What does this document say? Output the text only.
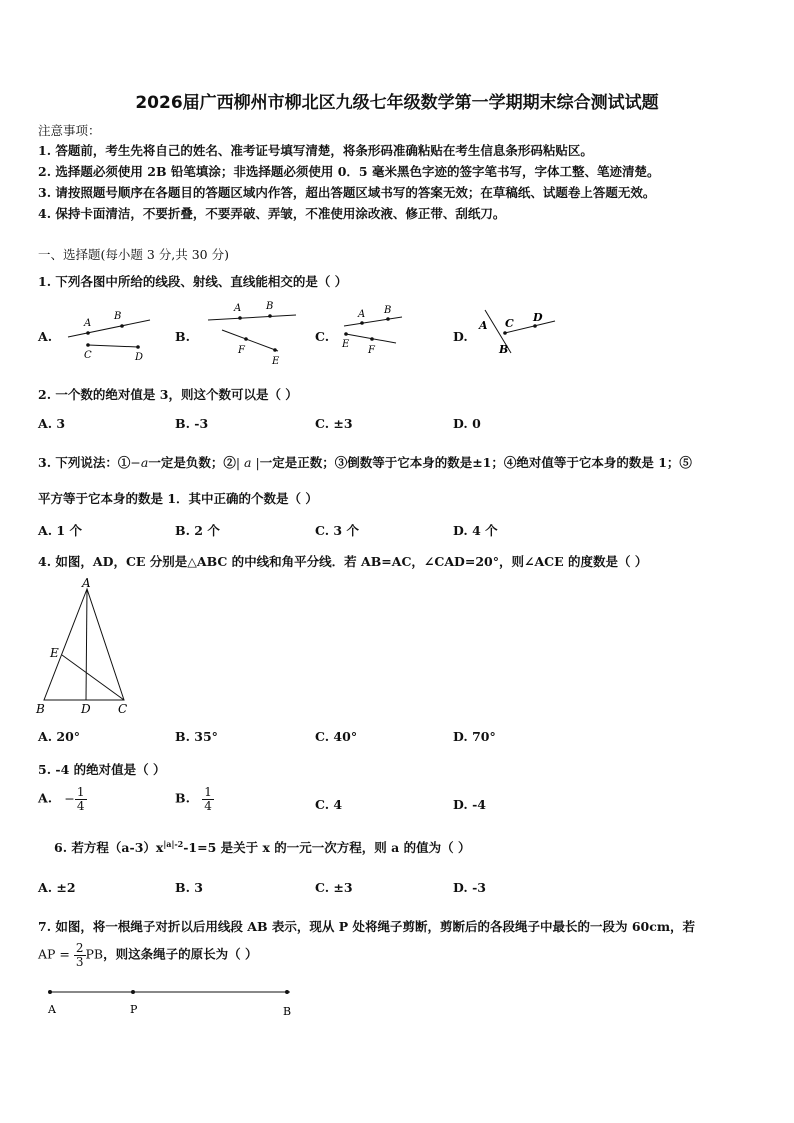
2026届广西柳州市柳北区九级七年级数学第一学期期末综合测试试题
注意事项：
1. 答题前，考生先将自己的姓名、准考证号填写清楚，将条形码准确粘贴在考生信息条形码粘贴区。
2. 选择题必须使用 2B 铅笔填涂；非选择题必须使用 0．5 毫米黑色字迹的签字笔书写，字体工整、笔迹清楚。
3. 请按照题号顺序在各题目的答题区域内作答，超出答题区域书写的答案无效；在草稿纸、试题卷上答题无效。
4. 保持卡面清洁，不要折叠，不要弄破、弄皱，不准使用涂改液、修正带、刮纸刀。
一、选择题(每小题 3 分,共 30 分)
1. 下列各图中所给的线段、射线、直线能相交的是（ ）
A.	B.	C.	D.
A
B
C	D
A B
F
E
A B
E
F
A C D
B
2. 一个数的绝对值是 3，则这个数可以是（ ）
A. 3	B. -3	C. ±3	D. 0
3. 下列说法：①−a一定是负数；②| a |一定是正数；③倒数等于它本身的数是±1；④绝对值等于它本身的数是 1；⑤
平方等于它本身的数是 1．其中正确的个数是（ ）
A. 1 个	B. 2 个	C. 3 个	D. 4 个
4. 如图，AD，CE 分别是△ABC 的中线和角平分线．若 AB=AC，∠CAD=20°，则∠ACE 的度数是（ ）
A
E
B	D C
A. 20°	B. 35°	C. 40°	D. 70°
5. -4 的绝对值是（ ）
A. − $\frac{1}{4}$	B. $\frac{1}{4}$	C. 4	D. -4
6. 若方程$(a-3)x^{|a|-2}-1=5$ 是关于 x 的一元一次方程，则 a 的值为（ ）
A. ±2	B. 3	C. ±3	D. -3
7. 如图，将一根绳子对折以后用线段 AB 表示，现从 P 处将绳子剪断，剪断后的各段绳子中最长的一段为 60cm，若
AP = $\frac{2}{3}$ PB，则这条绳子的原长为（ ）
A	P	B
